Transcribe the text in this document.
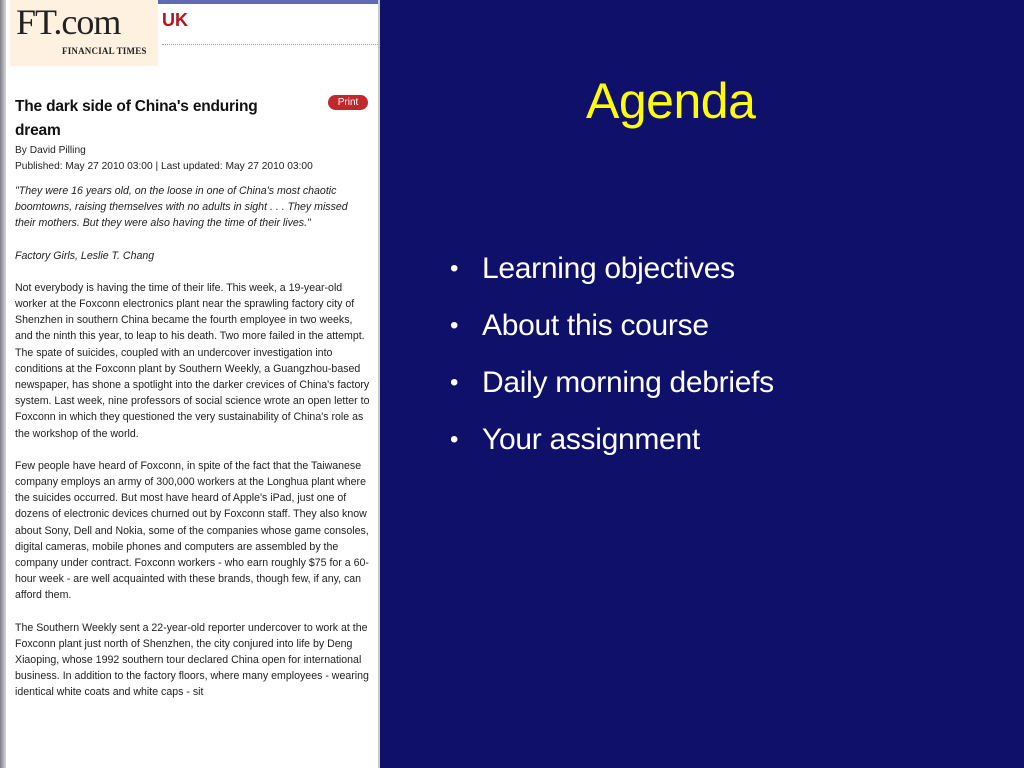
FT.com
FINANCIAL TIMES
UK
The dark side of China's enduring dream
Print

By David Pilling

Published: May 27 2010 03:00 | Last updated: May 27 2010 03:00

"They were 16 years old, on the loose in one of China's most chaotic boomtowns, raising themselves with no adults in sight . . . They missed their mothers. But they were also having the time of their lives."

Factory Girls, Leslie T. Chang

Not everybody is having the time of their life. This week, a 19-year-old worker at the Foxconn electronics plant near the sprawling factory city of Shenzhen in southern China became the fourth employee in two weeks, and the ninth this year, to leap to his death. Two more failed in the attempt. The spate of suicides, coupled with an undercover investigation into conditions at the Foxconn plant by Southern Weekly, a Guangzhou-based newspaper, has shone a spotlight into the darker crevices of China's factory system. Last week, nine professors of social science wrote an open letter to Foxconn in which they questioned the very sustainability of China's role as the workshop of the world.

Few people have heard of Foxconn, in spite of the fact that the Taiwanese company employs an army of 300,000 workers at the Longhua plant where the suicides occurred. But most have heard of Apple's iPad, just one of dozens of electronic devices churned out by Foxconn staff. They also know about Sony, Dell and Nokia, some of the companies whose game consoles, digital cameras, mobile phones and computers are assembled by the company under contract. Foxconn workers - who earn roughly $75 for a 60-hour week - are well acquainted with these brands, though few, if any, can afford them.

The Southern Weekly sent a 22-year-old reporter undercover to work at the Foxconn plant just north of Shenzhen, the city conjured into life by Deng Xiaoping, whose 1992 southern tour declared China open for international business. In addition to the factory floors, where many employees - wearing identical white coats and white caps - sit

Agenda
• Learning objectives
• About this course
• Daily morning debriefs
• Your assignment
